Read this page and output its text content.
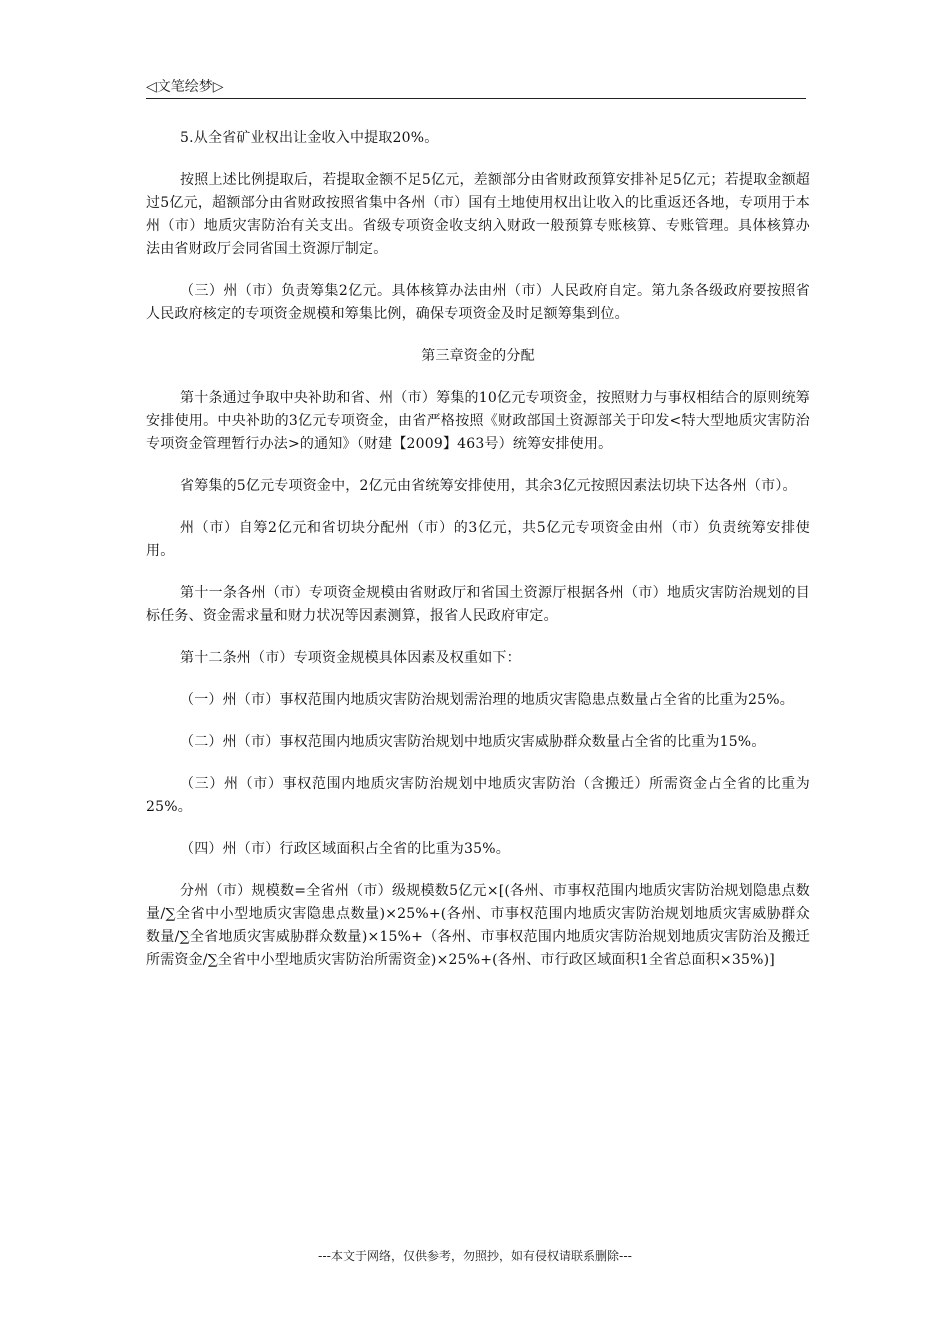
◁文笔绘梦▷

5.从全省矿业权出让金收入中提取20%。

按照上述比例提取后，若提取金额不足5亿元，差额部分由省财政预算安排补足5亿元；若提取金额超过5亿元，超额部分由省财政按照省集中各州（市）国有土地使用权出让收入的比重返还各地，专项用于本州（市）地质灾害防治有关支出。省级专项资金收支纳入财政一般预算专账核算、专账管理。具体核算办法由省财政厅会同省国土资源厅制定。

（三）州（市）负责筹集2亿元。具体核算办法由州（市）人民政府自定。第九条各级政府要按照省人民政府核定的专项资金规模和筹集比例，确保专项资金及时足额筹集到位。

第三章资金的分配

第十条通过争取中央补助和省、州（市）筹集的10亿元专项资金，按照财力与事权相结合的原则统筹安排使用。中央补助的3亿元专项资金，由省严格按照《财政部国土资源部关于印发<特大型地质灾害防治专项资金管理暂行办法>的通知》（财建【2009】463号）统筹安排使用。

省筹集的5亿元专项资金中，2亿元由省统筹安排使用，其余3亿元按照因素法切块下达各州（市）。

州（市）自筹2亿元和省切块分配州（市）的3亿元，共5亿元专项资金由州（市）负责统筹安排使用。

第十一条各州（市）专项资金规模由省财政厅和省国土资源厅根据各州（市）地质灾害防治规划的目标任务、资金需求量和财力状况等因素测算，报省人民政府审定。

第十二条州（市）专项资金规模具体因素及权重如下：

（一）州（市）事权范围内地质灾害防治规划需治理的地质灾害隐患点数量占全省的比重为25%。

（二）州（市）事权范围内地质灾害防治规划中地质灾害威胁群众数量占全省的比重为15%。

（三）州（市）事权范围内地质灾害防治规划中地质灾害防治（含搬迁）所需资金占全省的比重为25%。

（四）州（市）行政区域面积占全省的比重为35%。

分州（市）规模数=全省州（市）级规模数5亿元×[(各州、市事权范围内地质灾害防治规划隐患点数量/∑全省中小型地质灾害隐患点数量)×25%+(各州、市事权范围内地质灾害防治规划地质灾害威胁群众数量/∑全省地质灾害威胁群众数量)×15%+（各州、市事权范围内地质灾害防治规划地质灾害防治及搬迁所需资金/∑全省中小型地质灾害防治所需资金)×25%+(各州、市行政区域面积1全省总面积×35%)]

---本文于网络，仅供参考，勿照抄，如有侵权请联系删除---
